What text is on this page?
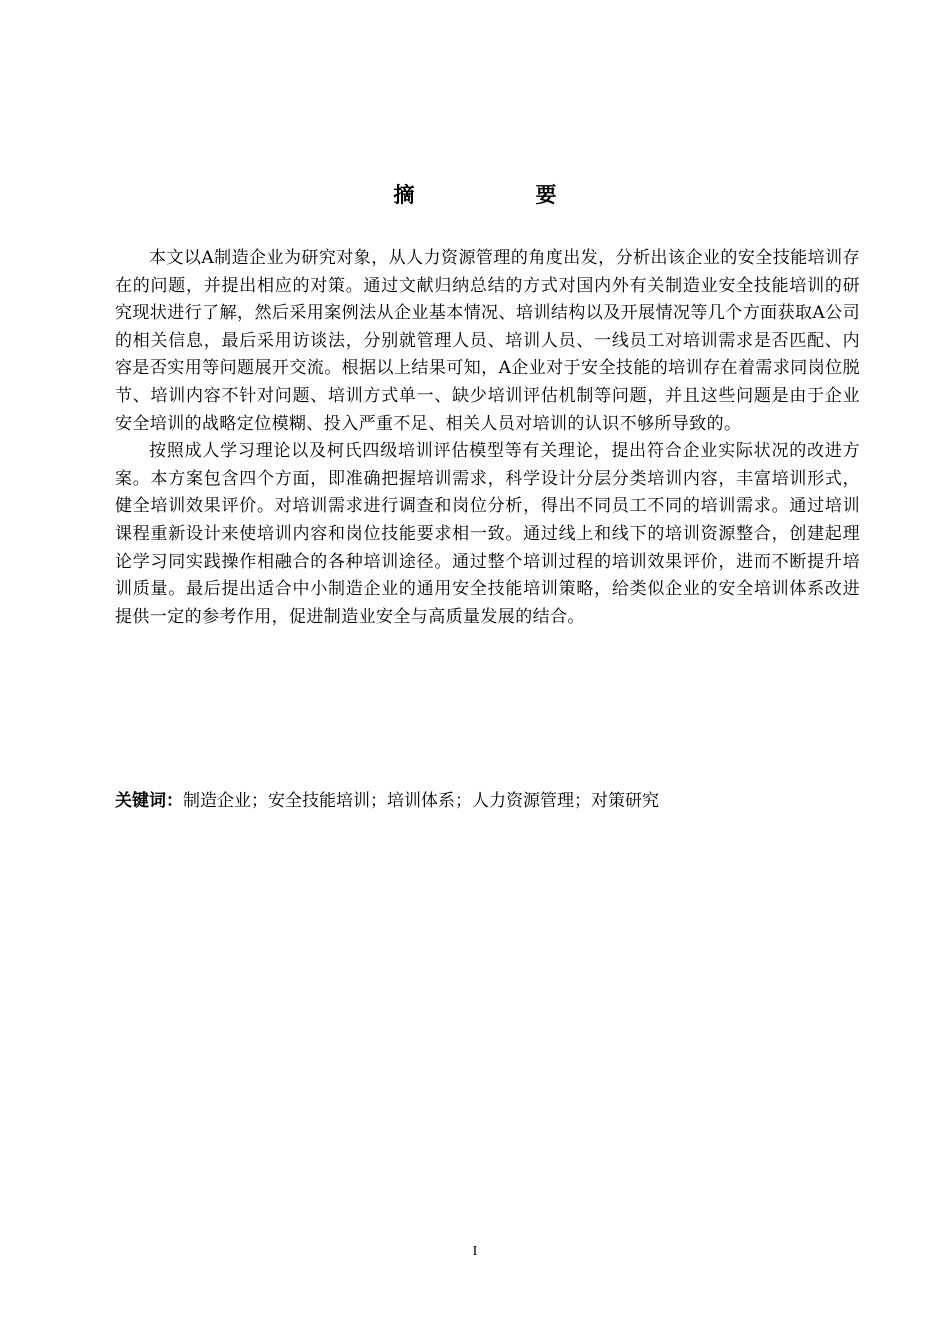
摘　要

本文以A制造企业为研究对象，从人力资源管理的角度出发，分析出该企业的安全技能培训存在的问题，并提出相应的对策。通过文献归纳总结的方式对国内外有关制造业安全技能培训的研究现状进行了解，然后采用案例法从企业基本情况、培训结构以及开展情况等几个方面获取A公司的相关信息，最后采用访谈法，分别就管理人员、培训人员、一线员工对培训需求是否匹配、内容是否实用等问题展开交流。根据以上结果可知，A企业对于安全技能的培训存在着需求同岗位脱节、培训内容不针对问题、培训方式单一、缺少培训评估机制等问题，并且这些问题是由于企业安全培训的战略定位模糊、投入严重不足、相关人员对培训的认识不够所导致的。

按照成人学习理论以及柯氏四级培训评估模型等有关理论，提出符合企业实际状况的改进方案。本方案包含四个方面，即准确把握培训需求，科学设计分层分类培训内容，丰富培训形式，健全培训效果评价。对培训需求进行调查和岗位分析，得出不同员工不同的培训需求。通过培训课程重新设计来使培训内容和岗位技能要求相一致。通过线上和线下的培训资源整合，创建起理论学习同实践操作相融合的各种培训途径。通过整个培训过程的培训效果评价，进而不断提升培训质量。最后提出适合中小制造企业的通用安全技能培训策略，给类似企业的安全培训体系改进提供一定的参考作用，促进制造业安全与高质量发展的结合。

关键词：制造企业；安全技能培训；培训体系；人力资源管理；对策研究
I
